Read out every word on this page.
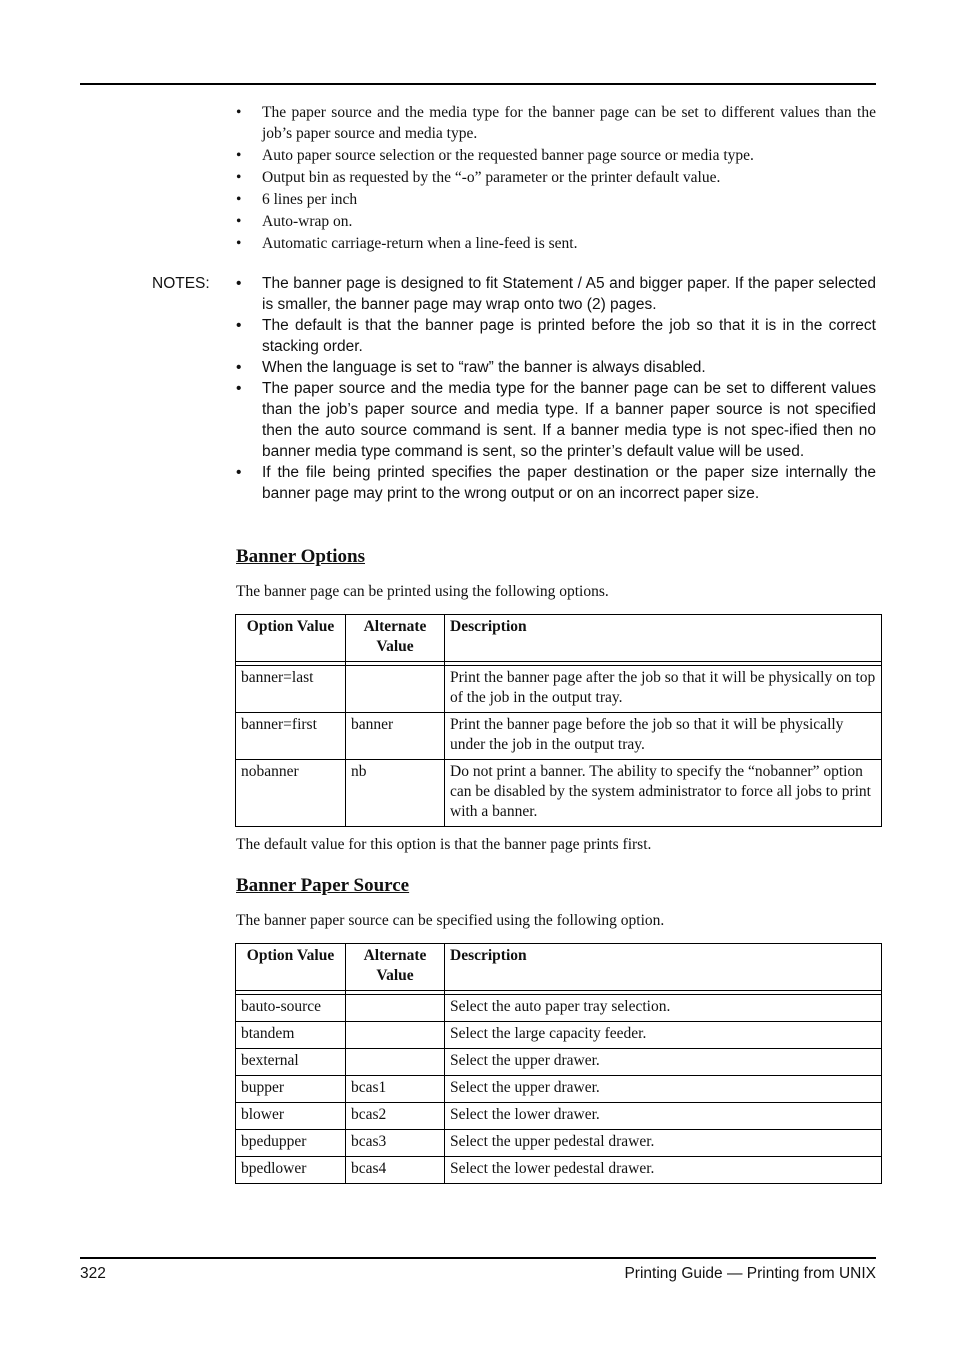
• The paper source and the media type for the banner page can be set to different values than the job’s paper source and media type.
• Auto paper source selection or the requested banner page source or media type.
• Output bin as requested by the “-o” parameter or the printer default value.
• 6 lines per inch
• Auto-wrap on.
• Automatic carriage-return when a line-feed is sent.
NOTES: • The banner page is designed to fit Statement / A5 and bigger paper. If the paper selected is smaller, the banner page may wrap onto two (2) pages.
• The default is that the banner page is printed before the job so that it is in the correct stacking order.
• When the language is set to “raw” the banner is always disabled.
• The paper source and the media type for the banner page can be set to different values than the job’s paper source and media type. If a banner paper source is not specified then the auto source command is sent. If a banner media type is not spec-ified then no banner media type command is sent, so the printer’s default value will be used.
• If the file being printed specifies the paper destination or the paper size internally the banner page may print to the wrong output or on an incorrect paper size.
Banner Options

The banner page can be printed using the following options.

Option Value	Alternate Value	Description

banner=last		Print the banner page after the job so that it will be physically on top of the job in the output tray.
banner=first	banner	Print the banner page before the job so that it will be physically under the job in the output tray.
nobanner	nb	Do not print a banner. The ability to specify the “nobanner” option can be disabled by the system administrator to force all jobs to print with a banner.

The default value for this option is that the banner page prints first.

Banner Paper Source

The banner paper source can be specified using the following option.

Option Value	Alternate Value	Description

bauto-source		Select the auto paper tray selection.
btandem		Select the large capacity feeder.
bexternal		Select the upper drawer.
bupper	bcas1	Select the upper drawer.
blower	bcas2	Select the lower drawer.
bpedupper	bcas3	Select the upper pedestal drawer.
bpedlower	bcas4	Select the lower pedestal drawer.
322	Printing Guide — Printing from UNIX
